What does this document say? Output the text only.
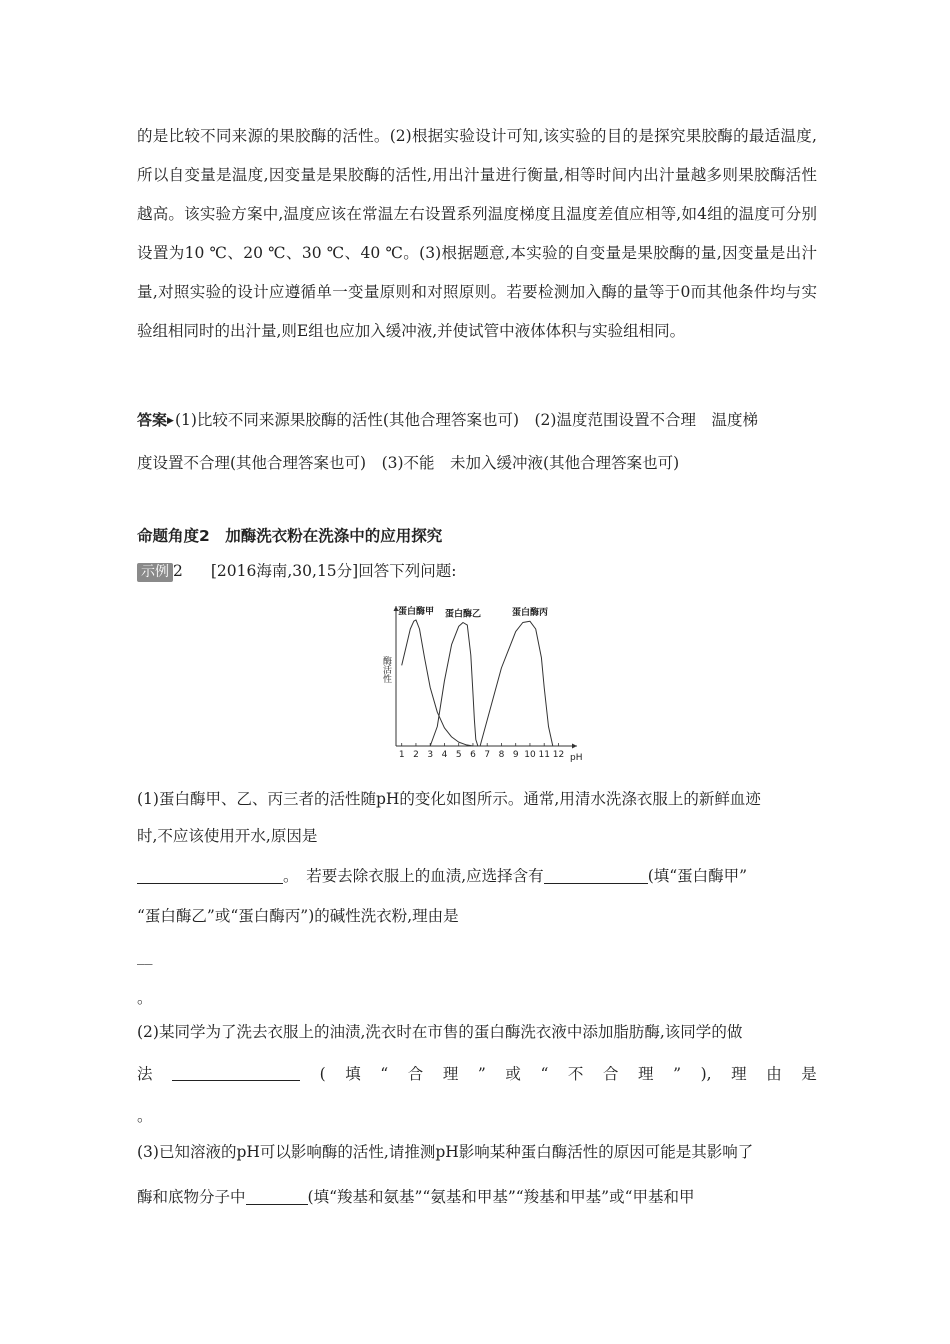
的是比较不同来源的果胶酶的活性。(2)根据实验设计可知,该实验的目的是探究果胶酶的最适温度,所以自变量是温度,因变量是果胶酶的活性,用出汁量进行衡量,相等时间内出汁量越多则果胶酶活性越高。该实验方案中,温度应该在常温左右设置系列温度梯度且温度差值应相等,如4组的温度可分别设置为10 ℃、20 ℃、30 ℃、40 ℃。(3)根据题意,本实验的自变量是果胶酶的量,因变量是出汁量,对照实验的设计应遵循单一变量原则和对照原则。若要检测加入酶的量等于0而其他条件均与实验组相同时的出汁量,则E组也应加入缓冲液,并使试管中液体体积与实验组相同。
答案▶(1)比较不同来源果胶酶的活性(其他合理答案也可)　(2)温度范围设置不合理　温度梯
度设置不合理(其他合理答案也可)　(3)不能　未加入缓冲液(其他合理答案也可)
命题角度2　加酶洗衣粉在洗涤中的应用探究
示例 2 [2016海南,30,15分]回答下列问题:
酶活性
pH
1 2 3 4 5 6 7 8 9 10 11 12
蛋白酶甲 蛋白酶乙	蛋白酶丙
(1)蛋白酶甲、乙、丙三者的活性随pH的变化如图所示。通常,用清水洗涤衣服上的新鲜血迹
时,不应该使用开水,原因是
。　若要去除衣服上的血渍,应选择含有	(填“蛋白酶甲”
“蛋白酶乙”或“蛋白酶丙”)的碱性洗衣粉,理由是
__
。
(2)某同学为了洗去衣服上的油渍,洗衣时在市售的蛋白酶洗衣液中添加脂肪酶,该同学的做
法	( 填 “ 合 理 ” 或 “ 不 合 理 ” ), 理 由 是
。
(3)已知溶液的pH可以影响酶的活性,请推测pH影响某种蛋白酶活性的原因可能是其影响了
酶和底物分子中	(填“羧基和氨基”“氨基和甲基”“羧基和甲基”或“甲基和甲
